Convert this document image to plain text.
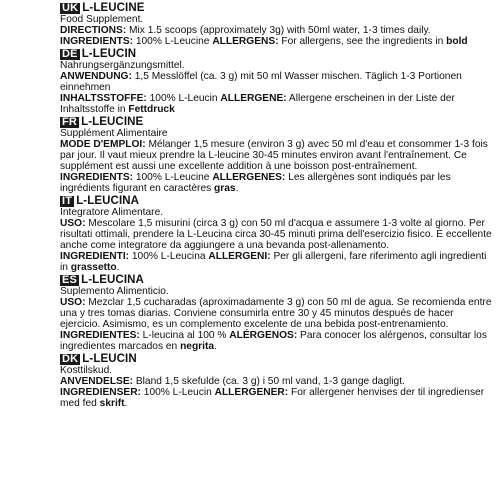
UK L-LEUCINE
Food Supplement.

DIRECTIONS: Mix 1.5 scoops (approximately 3g) with 50ml water, 1-3 times daily.

INGREDIENTS: 100% L-Leucine ALLERGENS: For allergens, see the ingredients in bold

DE L-LEUCIN
Nahrungsergänzungsmittel.

ANWENDUNG: 1,5 Messlöffel (ca. 3 g) mit 50 ml Wasser mischen. Täglich 1-3 Portionen einnehmen

INHALTSSTOFFE: 100% L-Leucin ALLERGENE: Allergene erscheinen in der Liste der Inhaltsstoffe in Fettdruck

FR L-LEUCINE
Supplément Alimentaire

MODE D'EMPLOI: Mélanger 1,5 mesure (environ 3 g) avec 50 ml d'eau et consommer 1-3 fois par jour. Il vaut mieux prendre la L-leucine 30-45 minutes environ avant l'entraînement. Ce supplément est aussi une excellente addition à une boisson post-entraînement.

INGREDIENTS: 100% L-Leucine ALLERGENES: Les allergènes sont indiqués par les ingrédients figurant en caractères gras.

IT L-LEUCINA
Integratore Alimentare.

USO: Mescolare 1,5 misurini (circa 3 g) con 50 ml d'acqua e assumere 1-3 volte al giorno. Per risultati ottimali, prendere la L-Leucina circa 30-45 minuti prima dell'esercizio fisico. È eccellente anche come integratore da aggiungere a una bevanda post-allenamento.

INGREDIENTI: 100% L-Leucina ALLERGENI: Per gli allergeni, fare riferimento agli ingredienti in grassetto.

ES L-LEUCINA
Suplemento Alimenticio.

USO: Mezclar 1,5 cucharadas (aproximadamente 3 g) con 50 ml de agua. Se recomienda entre una y tres tomas diarias. Conviene consumirla entre 30 y 45 minutos después de hacer ejercicio. Asimismo, es un complemento excelente de una bebida post-entrenamiento.

INGREDIENTES: L-leucina al 100 % ALÉRGENOS: Para conocer los alérgenos, consultar los ingredientes marcados en negrita.

DK L-LEUCIN
Kosttilskud.

ANVENDELSE: Bland 1,5 skefulde (ca. 3 g) i 50 ml vand, 1-3 gange dagligt.

INGREDIENSER: 100% L-Leucin ALLERGENER: For allergener henvises der til ingredienser med fed skrift.
